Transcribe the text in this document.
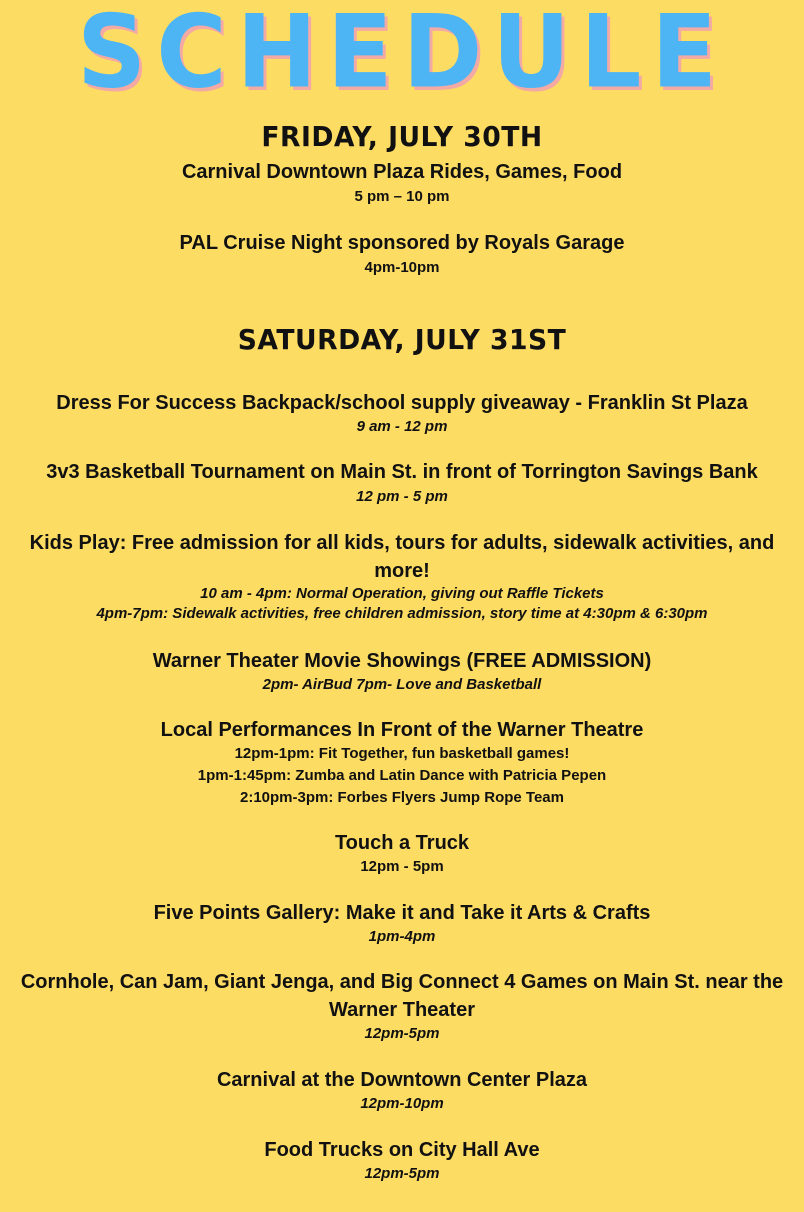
SCHEDULE
FRIDAY, JULY 30TH
Carnival Downtown Plaza Rides, Games, Food
5 pm – 10 pm
PAL Cruise Night sponsored by Royals Garage
4pm-10pm
SATURDAY, JULY 31ST
Dress For Success Backpack/school supply giveaway - Franklin St Plaza
9 am - 12 pm
3v3 Basketball Tournament on Main St. in front of Torrington Savings Bank
12 pm - 5 pm
Kids Play: Free admission for all kids, tours for adults, sidewalk activities, and more!
10 am - 4pm: Normal Operation, giving out Raffle Tickets
4pm-7pm: Sidewalk activities, free children admission, story time at 4:30pm & 6:30pm
Warner Theater Movie Showings (FREE ADMISSION)
2pm- AirBud 7pm- Love and Basketball
Local Performances In Front of the Warner Theatre
12pm-1pm: Fit Together, fun basketball games!
1pm-1:45pm: Zumba and Latin Dance with Patricia Pepen
2:10pm-3pm: Forbes Flyers Jump Rope Team
Touch a Truck
12pm - 5pm
Five Points Gallery: Make it and Take it Arts & Crafts
1pm-4pm
Cornhole, Can Jam, Giant Jenga, and Big Connect 4 Games on Main St. near the Warner Theater
12pm-5pm
Carnival at the Downtown Center Plaza
12pm-10pm
Food Trucks on City Hall Ave
12pm-5pm
